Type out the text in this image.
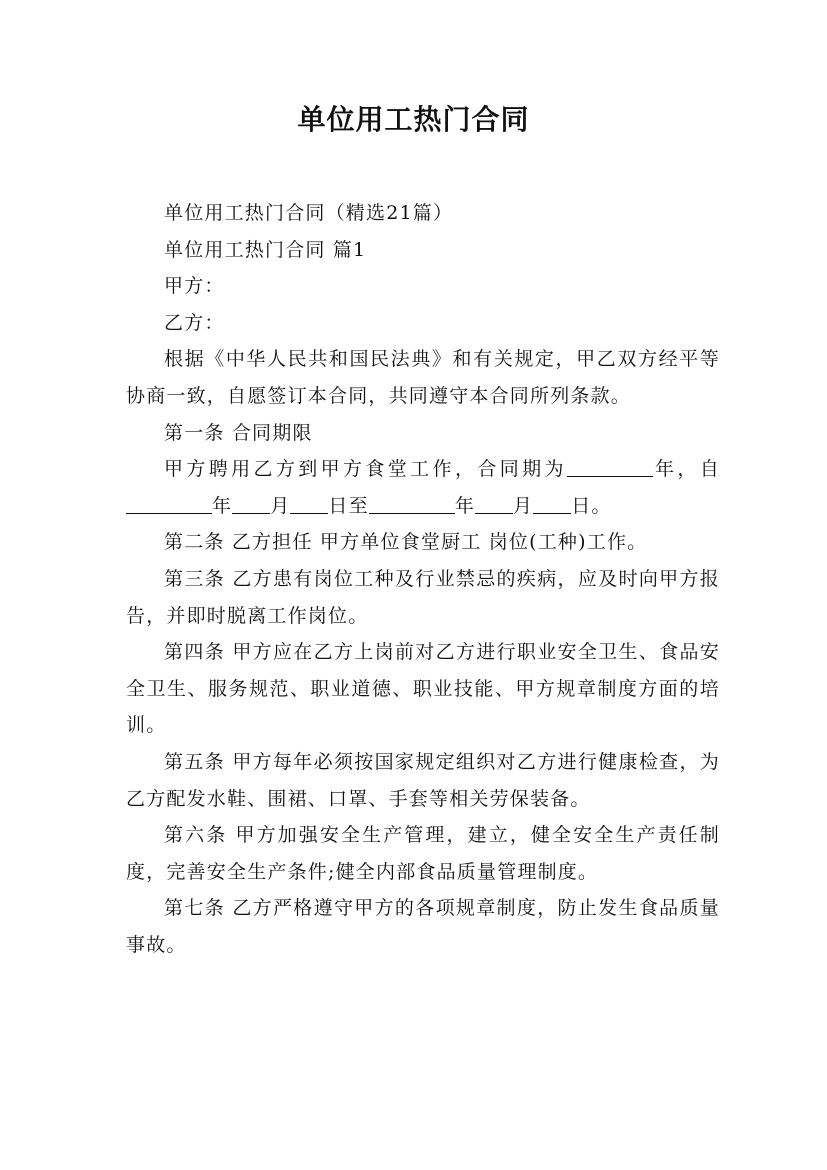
单位用工热门合同

单位用工热门合同（精选21篇）

单位用工热门合同 篇1

甲方：

乙方：

根据《中华人民共和国民法典》和有关规定，甲乙双方经平等协商一致，自愿签订本合同，共同遵守本合同所列条款。

第一条 合同期限

甲方聘用乙方到甲方食堂工作，合同期为	年，自年 月 日至	年 月 日。

第二条 乙方担任 甲方单位食堂厨工 岗位(工种)工作。

第三条 乙方患有岗位工种及行业禁忌的疾病，应及时向甲方报告，并即时脱离工作岗位。

第四条 甲方应在乙方上岗前对乙方进行职业安全卫生、食品安全卫生、服务规范、职业道德、职业技能、甲方规章制度方面的培训。

第五条 甲方每年必须按国家规定组织对乙方进行健康检查，为乙方配发水鞋、围裙、口罩、手套等相关劳保装备。

第六条 甲方加强安全生产管理，建立，健全安全生产责任制度，完善安全生产条件;健全内部食品质量管理制度。

第七条 乙方严格遵守甲方的各项规章制度，防止发生食品质量事故。
